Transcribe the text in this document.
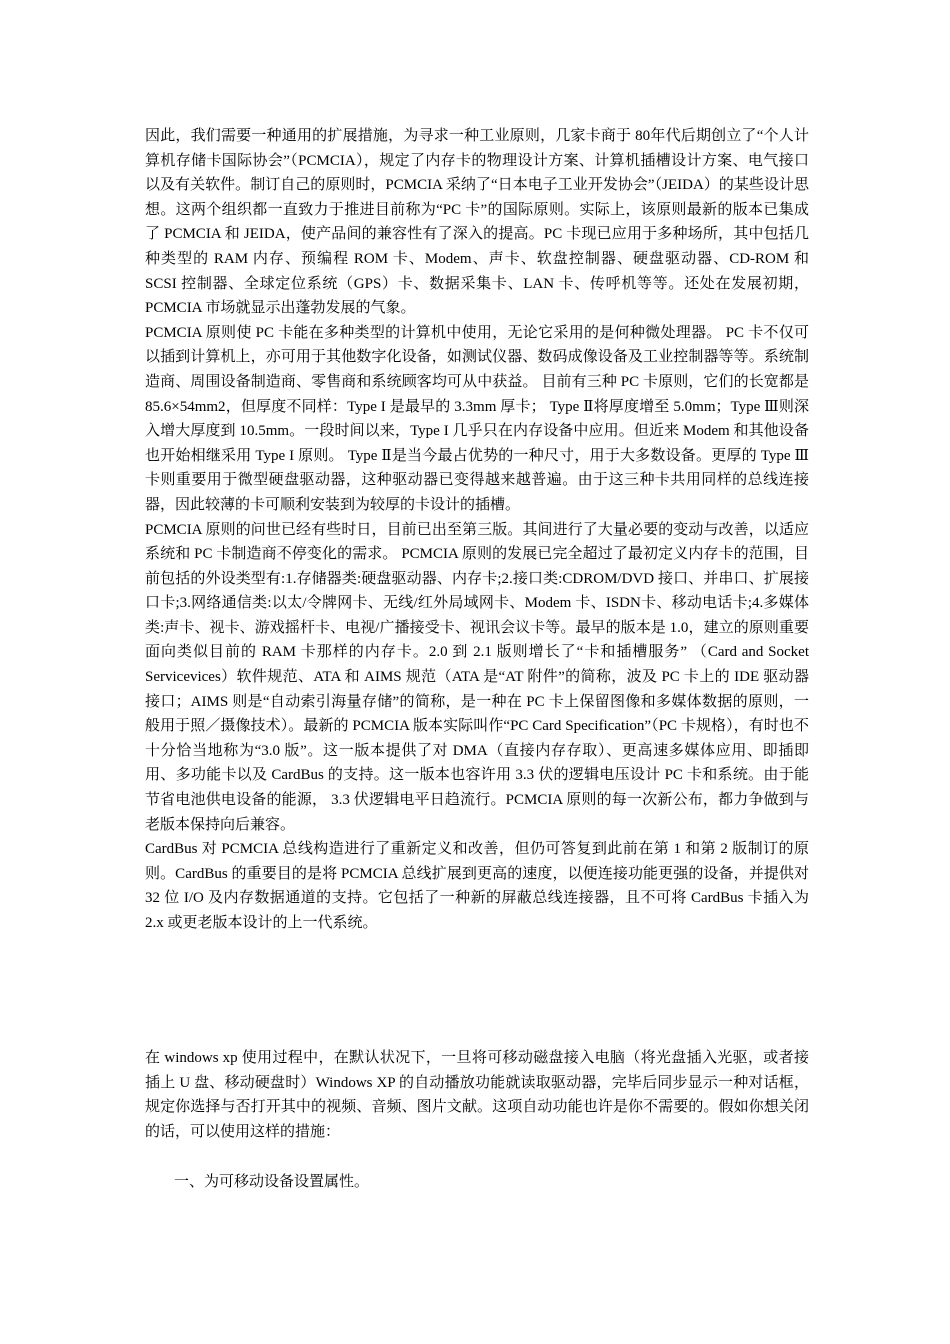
因此，我们需要一种通用的扩展措施，为寻求一种工业原则，几家卡商于 80年代后期创立了“个人计算机存储卡国际协会”（PCMCIA），规定了内存卡的物理设计方案、计算机插槽设计方案、电气接口以及有关软件。制订自己的原则时，PCMCIA 采纳了“日本电子工业开发协会”（JEIDA）的某些设计思想。这两个组织都一直致力于推进目前称为“PC 卡”的国际原则。实际上，该原则最新的版本已集成了 PCMCIA 和 JEIDA，使产品间的兼容性有了深入的提高。PC 卡现已应用于多种场所，其中包括几种类型的 RAM 内存、预编程 ROM 卡、Modem、声卡、软盘控制器、硬盘驱动器、CD-ROM 和 SCSI 控制器、全球定位系统（GPS）卡、数据采集卡、LAN 卡、传呼机等等。还处在发展初期，PCMCIA 市场就显示出蓬勃发展的气象。

PCMCIA 原则使 PC 卡能在多种类型的计算机中使用，无论它采用的是何种微处理器。 PC 卡不仅可以插到计算机上，亦可用于其他数字化设备，如测试仪器、数码成像设备及工业控制器等等。系统制造商、周围设备制造商、零售商和系统顾客均可从中获益。 目前有三种 PC 卡原则，它们的长宽都是 85.6×54mm2，但厚度不同样：Type I 是最早的 3.3mm 厚卡； Type Ⅱ将厚度增至 5.0mm；Type Ⅲ则深入增大厚度到 10.5mm。一段时间以来，Type I 几乎只在内存设备中应用。但近来 Modem 和其他设备也开始相继采用 Type I 原则。 Type Ⅱ是当今最占优势的一种尺寸，用于大多数设备。更厚的 Type Ⅲ卡则重要用于微型硬盘驱动器，这种驱动器已变得越来越普遍。由于这三种卡共用同样的总线连接器，因此较薄的卡可顺利安装到为较厚的卡设计的插槽。

PCMCIA 原则的问世已经有些时日，目前已出至第三版。其间进行了大量必要的变动与改善，以适应系统和 PC 卡制造商不停变化的需求。 PCMCIA 原则的发展已完全超过了最初定义内存卡的范围，目前包括的外设类型有:1.存储器类:硬盘驱动器、内存卡;2.接口类:CDROM/DVD 接口、并串口、扩展接口卡;3.网络通信类:以太/令牌网卡、无线/红外局域网卡、Modem 卡、ISDN卡、移动电话卡;4.多媒体类:声卡、视卡、游戏摇杆卡、电视/广播接受卡、视讯会议卡等。最早的版本是 1.0，建立的原则重要面向类似目前的 RAM 卡那样的内存卡。2.0 到 2.1 版则增长了“卡和插槽服务” （Card and Socket Servicevices）软件规范、ATA 和 AIMS 规范（ATA 是“AT 附件”的简称，波及 PC 卡上的 IDE 驱动器接口；AIMS 则是“自动索引海量存储”的简称，是一种在 PC 卡上保留图像和多媒体数据的原则，一般用于照／摄像技术）。最新的 PCMCIA 版本实际叫作“PC Card Specification”（PC 卡规格），有时也不十分恰当地称为“3.0 版”。这一版本提供了对 DMA（直接内存存取）、更高速多媒体应用、即插即用、多功能卡以及 CardBus 的支持。这一版本也容许用 3.3 伏的逻辑电压设计 PC 卡和系统。由于能节省电池供电设备的能源， 3.3 伏逻辑电平日趋流行。PCMCIA 原则的每一次新公布，都力争做到与老版本保持向后兼容。

CardBus 对 PCMCIA 总线构造进行了重新定义和改善，但仍可答复到此前在第 1 和第 2 版制订的原则。CardBus 的重要目的是将 PCMCIA 总线扩展到更高的速度，以便连接功能更强的设备，并提供对 32 位 I/O 及内存数据通道的支持。它包括了一种新的屏蔽总线连接器，且不可将 CardBus 卡插入为 2.x 或更老版本设计的上一代系统。

在 windows xp 使用过程中，在默认状况下，一旦将可移动磁盘接入电脑（将光盘插入光驱，或者接插上 U 盘、移动硬盘时）Windows XP 的自动播放功能就读取驱动器，完毕后同步显示一种对话框，规定你选择与否打开其中的视频、音频、图片文献。这项自动功能也许是你不需要的。假如你想关闭的话，可以使用这样的措施：

一、为可移动设备设置属性。
